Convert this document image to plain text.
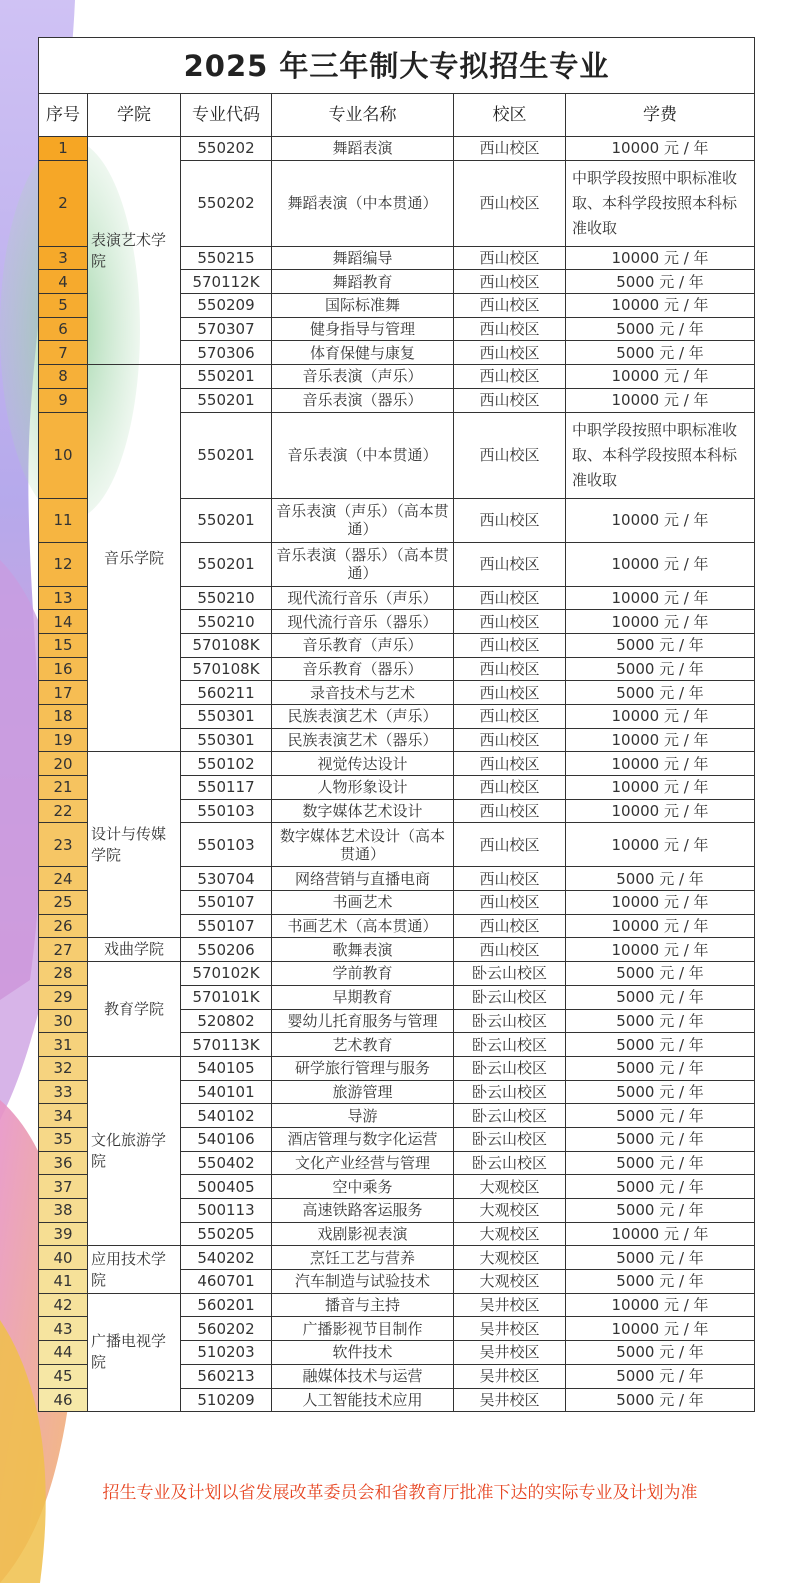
2025 年三年制大专拟招生专业					
序号	学院	专业代码	专业名称	校区	学费
1	表演艺术学院	550202	舞蹈表演	西山校区	10000 元 / 年
2		550202	舞蹈表演（中本贯通）	西山校区	中职学段按照中职标准收取、本科学段按照本科标准收取
3		550215	舞蹈编导	西山校区	10000 元 / 年
4		570112K	舞蹈教育	西山校区	5000 元 / 年
5		550209	国际标准舞	西山校区	10000 元 / 年
6		570307	健身指导与管理	西山校区	5000 元 / 年
7		570306	体育保健与康复	西山校区	5000 元 / 年
8	音乐学院	550201	音乐表演（声乐）	西山校区	10000 元 / 年
9		550201	音乐表演（器乐）	西山校区	10000 元 / 年
10		550201	音乐表演（中本贯通）	西山校区	中职学段按照中职标准收取、本科学段按照本科标准收取
11		550201	音乐表演（声乐）（高本贯通）	西山校区	10000 元 / 年
12		550201	音乐表演（器乐）（高本贯通）	西山校区	10000 元 / 年
13		550210	现代流行音乐（声乐）	西山校区	10000 元 / 年
14		550210	现代流行音乐（器乐）	西山校区	10000 元 / 年
15		570108K	音乐教育（声乐）	西山校区	5000 元 / 年
16		570108K	音乐教育（器乐）	西山校区	5000 元 / 年
17		560211	录音技术与艺术	西山校区	5000 元 / 年
18		550301	民族表演艺术（声乐）	西山校区	10000 元 / 年
19		550301	民族表演艺术（器乐）	西山校区	10000 元 / 年
20	设计与传媒学院	550102	视觉传达设计	西山校区	10000 元 / 年
21		550117	人物形象设计	西山校区	10000 元 / 年
22		550103	数字媒体艺术设计	西山校区	10000 元 / 年
23		550103	数字媒体艺术设计（高本贯通）	西山校区	10000 元 / 年
24		530704	网络营销与直播电商	西山校区	5000 元 / 年
25		550107	书画艺术	西山校区	10000 元 / 年
26		550107	书画艺术（高本贯通）	西山校区	10000 元 / 年
27	戏曲学院	550206	歌舞表演	西山校区	10000 元 / 年
28	教育学院	570102K	学前教育	卧云山校区	5000 元 / 年
29		570101K	早期教育	卧云山校区	5000 元 / 年
30		520802	婴幼儿托育服务与管理	卧云山校区	5000 元 / 年
31		570113K	艺术教育	卧云山校区	5000 元 / 年
32	文化旅游学院	540105	研学旅行管理与服务	卧云山校区	5000 元 / 年
33		540101	旅游管理	卧云山校区	5000 元 / 年
34		540102	导游	卧云山校区	5000 元 / 年
35		540106	酒店管理与数字化运营	卧云山校区	5000 元 / 年
36		550402	文化产业经营与管理	卧云山校区	5000 元 / 年
37		500405	空中乘务	大观校区	5000 元 / 年
38		500113	高速铁路客运服务	大观校区	5000 元 / 年
39		550205	戏剧影视表演	大观校区	10000 元 / 年
40	应用技术学院	540202	烹饪工艺与营养	大观校区	5000 元 / 年
41		460701	汽车制造与试验技术	大观校区	5000 元 / 年
42	广播电视学院	560201	播音与主持	吴井校区	10000 元 / 年
43		560202	广播影视节目制作	吴井校区	10000 元 / 年
44		510203	软件技术	吴井校区	5000 元 / 年
45		560213	融媒体技术与运营	吴井校区	5000 元 / 年
46		510209	人工智能技术应用	吴井校区	5000 元 / 年
招生专业及计划以省发展改革委员会和省教育厅批准下达的实际专业及计划为准
